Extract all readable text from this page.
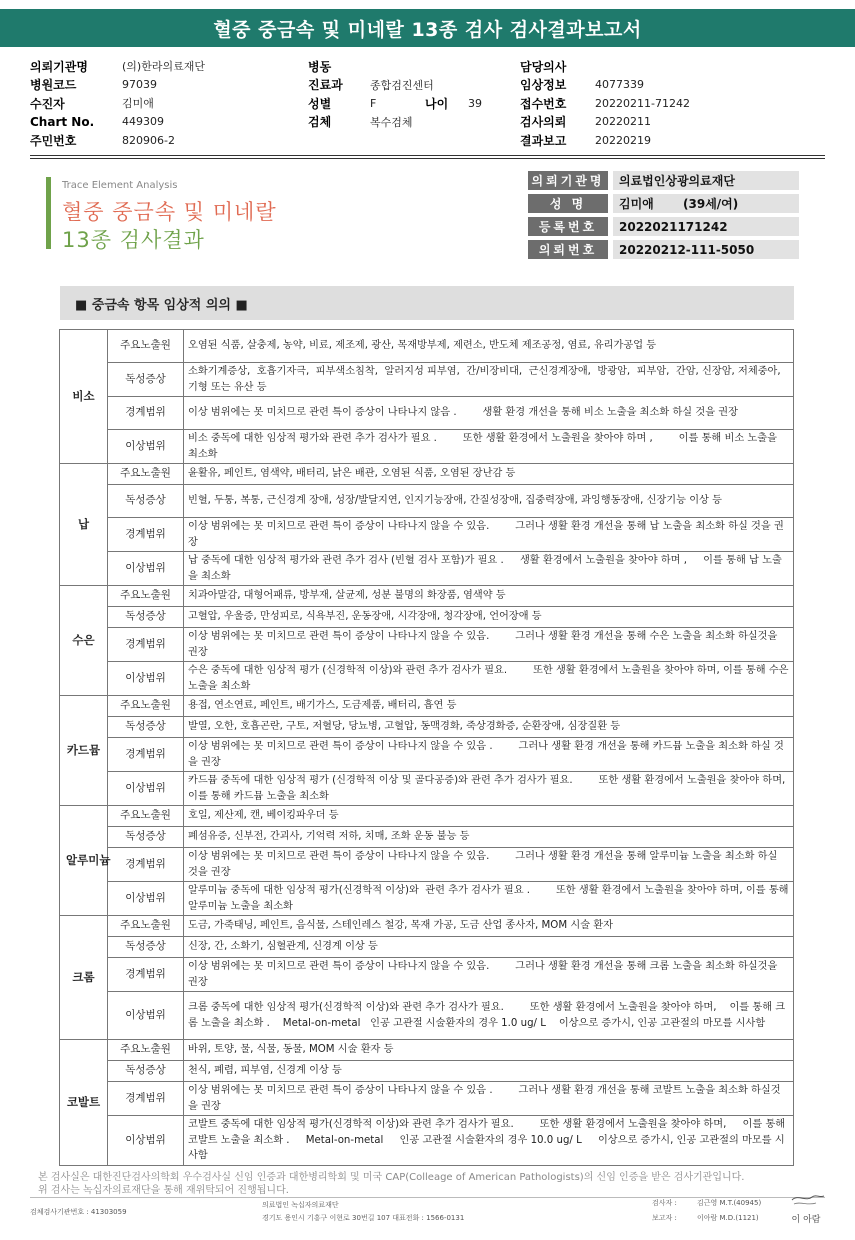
혈중 중금속 및 미네랄 13종 검사 검사결과보고서
의뢰기관명	(의)한라의료재단
병원코드	97039
수진자	김미애
Chart No.	449309
주민번호	820906-2
병동
진료과	종합검진센터
성별	F	나이	39
검체	복수검체
담당의사
임상정보	4077339
접수번호	20220211-71242
검사의뢰	20220211
결과보고	20220219
Trace Element Analysis
혈중 중금속 및 미네랄
13종 검사결과
의뢰기관명	의료법인상광의료재단
성 명	김미애       (39세/여)
등록번호	2022021171242
의뢰번호	20220212-111-5050
■ 중금속 항목 임상적 의의 ■
비소	주요노출원	오염된 식품, 살충제, 농약, 비료, 제조제, 광산, 목재방부제, 제련소, 반도체 제조공정, 염료, 유리가공업 등
	독성증상	소화기계증상,  호흡기자극,  피부색소침착,  알러지성 피부염,  간/비장비대,  근신경계장애,  방광암,  피부암,  간암, 신장암, 저체중아, 기형 또는 유산 등
	경계범위	이상 범위에는 못 미치므로 관련 특이 증상이 나타나지 않음 .        생활 환경 개선을 통해 비소 노출을 최소화 하실 것을 권장
	이상범위	비소 중독에 대한 임상적 평가와 관련 추가 검사가 필요 .        또한 생활 환경에서 노출원을 찾아야 하며 ,        이를 통해 비소 노출을 최소화
납	주요노출원	윤활유, 페인트, 염색약, 배터리, 낡은 배관, 오염된 식품, 오염된 장난감 등
	독성증상	빈혈, 두통, 복통, 근신경계 장애, 성장/발달지연, 인지기능장애, 간질성장애, 집중력장애, 과잉행동장애, 신장기능 이상 등
	경계범위	이상 범위에는 못 미치므로 관련 특이 증상이 나타나지 않을 수 있음.        그러나 생활 환경 개선을 통해 납 노출을 최소화 하실 것을 권장
	이상범위	납 중독에 대한 임상적 평가와 관련 추가 검사 (빈혈 검사 포함)가 필요 .     생활 환경에서 노출원을 찾아야 하며 ,     이를 통해 납 노출을 최소화
수은	주요노출원	치과아말감, 대형어패류, 방부재, 살균제, 성분 불명의 화장품, 염색약 등
	독성증상	고혈압, 우울증, 만성피로, 식욕부진, 운동장애, 시각장애, 청각장애, 언어장애 등
	경계범위	이상 범위에는 못 미치므로 관련 특이 증상이 나타나지 않을 수 있음.        그러나 생활 환경 개선을 통해 수은 노출을 최소화 하실것을 권장
	이상범위	수은 중독에 대한 임상적 평가 (신경학적 이상)와 관련 추가 검사가 필요.        또한 생활 환경에서 노출원을 찾아야 하며, 이를 통해 수은 노출을 최소화
카드뮴	주요노출원	용접, 연소연료, 페인트, 배기가스, 도금제품, 배터리, 흡연 등
	독성증상	발열, 오한, 호흡곤란, 구토, 저혈당, 당뇨병, 고혈압, 동맥경화, 죽상경화증, 순환장애, 심장질환 등
	경계범위	이상 범위에는 못 미치므로 관련 특이 증상이 나타나지 않을 수 있음 .        그러나 생활 환경 개선을 통해 카드뮴 노출을 최소화 하실 것을 권장
	이상범위	카드뮴 중독에 대한 임상적 평가 (신경학적 이상 및 골다공증)와 관련 추가 검사가 필요.        또한 생활 환경에서 노출원을 찾아야 하며, 이를 통해 카드뮴 노출을 최소화
알루미늄	주요노출원	호일, 제산제, 캔, 베이킹파우더 등
	독성증상	폐섬유증, 신부전, 간괴사, 기억력 저하, 치매, 조화 운동 불능 등
	경계범위	이상 범위에는 못 미치므로 관련 특이 증상이 나타나지 않을 수 있음.        그러나 생활 환경 개선을 통해 알루미늄 노출을 최소화 하실 것을 권장
	이상범위	알루미늄 중독에 대한 임상적 평가(신경학적 이상)와  관련 추가 검사가 필요 .        또한 생활 환경에서 노출원을 찾아야 하며, 이를 통해 알루미늄 노출을 최소화
크롬	주요노출원	도금, 가죽태닝, 페인트, 음식물, 스테인레스 철강, 목재 가공, 도금 산업 종사자, MOM 시술 환자
	독성증상	신장, 간, 소화기, 심혈관계, 신경계 이상 등
	경계범위	이상 범위에는 못 미치므로 관련 특이 증상이 나타나지 않을 수 있음.        그러나 생활 환경 개선을 통해 크롬 노출을 최소화 하실것을 권장
	이상범위	크롬 중독에 대한 임상적 평가(신경학적 이상)와 관련 추가 검사가 필요.        또한 생활 환경에서 노출원을 찾아야 하며,    이를 통해 크롬 노출을 최소화 .    Metal-on-metal   인공 고관절 시술환자의 경우 1.0 ug/ L    이상으로 증가시, 인공 고관절의 마모를 시사함
코발트	주요노출원	바위, 토양, 물, 식물, 동물, MOM 시술 환자 등
	독성증상	천식, 폐렴, 피부염, 신경계 이상 등
	경계범위	이상 범위에는 못 미치므로 관련 특이 증상이 나타나지 않을 수 있음 .        그러나 생활 환경 개선을 통해 코발트 노출을 최소화 하실것을 권장
	이상범위	코발트 중독에 대한 임상적 평가(신경학적 이상)와 관련 추가 검사가 필요.        또한 생활 환경에서 노출원을 찾아야 하며,     이를 통해 코발트 노출을 최소화 .     Metal-on-metal     인공 고관절 시술환자의 경우 10.0 ug/ L     이상으로 증가시, 인공 고관절의 마모를 시사함
본 검사실은 대한진단검사의학회 우수검사실 신임 인증과 대한병리학회 및 미국 CAP(Colleage of American Pathologists)의 신임 인증을 받은 검사기관입니다.
위 검사는 녹십자의료재단을 통해 재위탁되어 진행됩니다.
검체검사기관번호 : 41303059
의료법인 녹십자의료재단
경기도 용인시 기흥구 이현로 30번길 107 대표전화 : 1566-0131
검사자 :	김근영 M.T.(40945)
보고자 :	이아람 M.D.(1121)	이 아람
